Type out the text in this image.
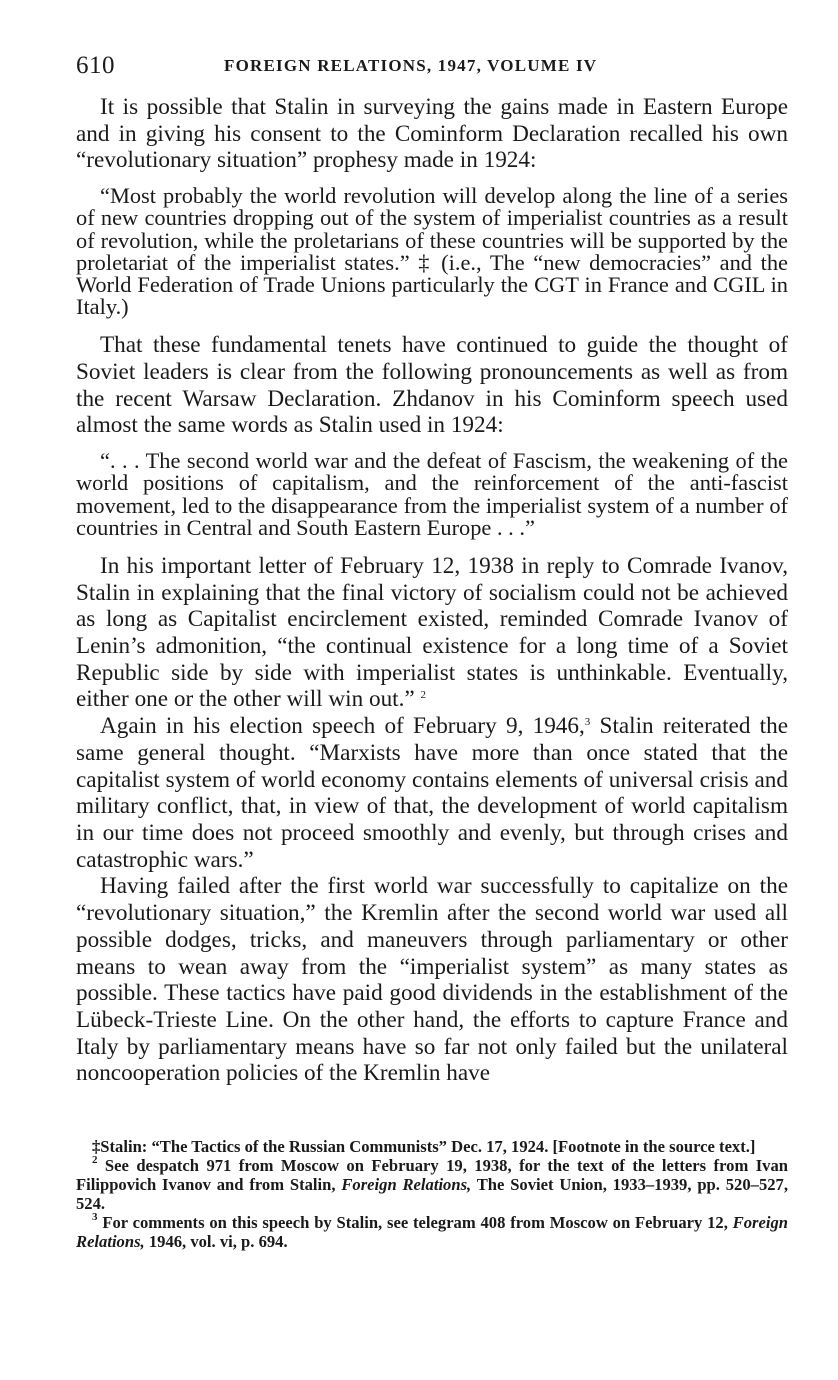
610	FOREIGN RELATIONS, 1947, VOLUME IV

It is possible that Stalin in surveying the gains made in Eastern Europe and in giving his consent to the Cominform Declaration recalled his own “revolutionary situation” prophesy made in 1924:

“Most probably the world revolution will develop along the line of a series of new countries dropping out of the system of imperialist countries as a result of revolution, while the proletarians of these countries will be supported by the proletariat of the imperialist states.” ‡ (i.e., The “new democracies” and the World Federation of Trade Unions particularly the CGT in France and CGIL in Italy.)

That these fundamental tenets have continued to guide the thought of Soviet leaders is clear from the following pronouncements as well as from the recent Warsaw Declaration. Zhdanov in his Cominform speech used almost the same words as Stalin used in 1924:

“. . . The second world war and the defeat of Fascism, the weakening of the world positions of capitalism, and the reinforcement of the anti-fascist movement, led to the disappearance from the imperialist system of a number of countries in Central and South Eastern Europe . . .”

In his important letter of February 12, 1938 in reply to Comrade Ivanov, Stalin in explaining that the final victory of socialism could not be achieved as long as Capitalist encirclement existed, reminded Comrade Ivanov of Lenin’s admonition, “the continual existence for a long time of a Soviet Republic side by side with imperialist states is unthinkable. Eventually, either one or the other will win out.” $^2$

Again in his election speech of February 9, 1946,$^3$ Stalin reiterated the same general thought. “Marxists have more than once stated that the capitalist system of world economy contains elements of universal crisis and military conflict, that, in view of that, the development of world capitalism in our time does not proceed smoothly and evenly, but through crises and catastrophic wars.”

Having failed after the first world war successfully to capitalize on the “revolutionary situation,” the Kremlin after the second world war used all possible dodges, tricks, and maneuvers through parliamentary or other means to wean away from the “imperialist system” as many states as possible. These tactics have paid good dividends in the establishment of the Lübeck-Trieste Line. On the other hand, the efforts to capture France and Italy by parliamentary means have so far not only failed but the unilateral noncooperation policies of the Kremlin have

‡Stalin: “The Tactics of the Russian Communists” Dec. 17, 1924. [Footnote in the source text.]

$^2$ See despatch 971 from Moscow on February 19, 1938, for the text of the letters from Ivan Filippovich Ivanov and from Stalin, Foreign Relations, The Soviet Union, 1933–1939, pp. 520–527, 524.

$^3$ For comments on this speech by Stalin, see telegram 408 from Moscow on February 12, Foreign Relations, 1946, vol. vi, p. 694.
